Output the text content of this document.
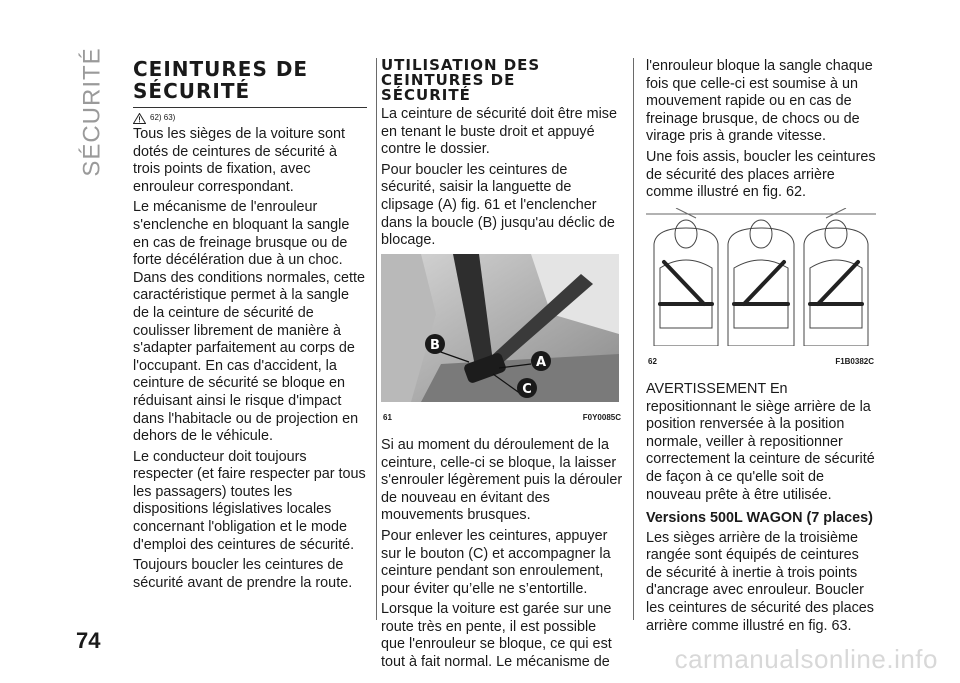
SÉCURITÉ CEINTURES DE
SÉCURITÉ
62) 63)

Tous les sièges de la voiture sont dotés de ceintures de sécurité à trois points de fixation, avec enrouleur correspondant.

Le mécanisme de l'enrouleur s'enclenche en bloquant la sangle en cas de freinage brusque ou de forte décélération due à un choc. Dans des conditions normales, cette caractéristique permet à la sangle de la ceinture de sécurité de coulisser librement de manière à s'adapter parfaitement au corps de l'occupant. En cas d'accident, la ceinture de sécurité se bloque en réduisant ainsi le risque d'impact dans l'habitacle ou de projection en dehors de le véhicule.

Le conducteur doit toujours respecter (et faire respecter par tous les passagers) toutes les dispositions législatives locales concernant l'obligation et le mode d'emploi des ceintures de sécurité.

Toujours boucler les ceintures de sécurité avant de prendre la route.

UTILISATION DES
CEINTURES DE
SÉCURITÉ

La ceinture de sécurité doit être mise en tenant le buste droit et appuyé contre le dossier.

Pour boucler les ceintures de sécurité, saisir la languette de clipsage (A) fig. 61 et l'enclencher dans la boucle (B) jusqu'au déclic de blocage.

B
A
C
61	F0Y0085C

Si au moment du déroulement de la ceinture, celle-ci se bloque, la laisser s'enrouler légèrement puis la dérouler de nouveau en évitant des mouvements brusques.

Pour enlever les ceintures, appuyer sur le bouton (C) et accompagner la ceinture pendant son enroulement, pour éviter qu’elle ne s’entortille.

Lorsque la voiture est garée sur une route très en pente, il est possible que l'enrouleur se bloque, ce qui est tout à fait normal. Le mécanisme de

l'enrouleur bloque la sangle chaque fois que celle-ci est soumise à un mouvement rapide ou en cas de freinage brusque, de chocs ou de virage pris à grande vitesse.

Une fois assis, boucler les ceintures de sécurité des places arrière comme illustré en fig. 62.

62	F1B0382C

AVERTISSEMENT En repositionnant le siège arrière de la position renversée à la position normale, veiller à repositionner correctement la ceinture de sécurité de façon à ce qu'elle soit de nouveau prête à être utilisée.

Versions 500L WAGON (7 places)

Les sièges arrière de la troisième rangée sont équipés de ceintures de sécurité à inertie à trois points d'ancrage avec enrouleur. Boucler les ceintures de sécurité des places arrière comme illustré en fig. 63.

74
carmanualsonline.info
